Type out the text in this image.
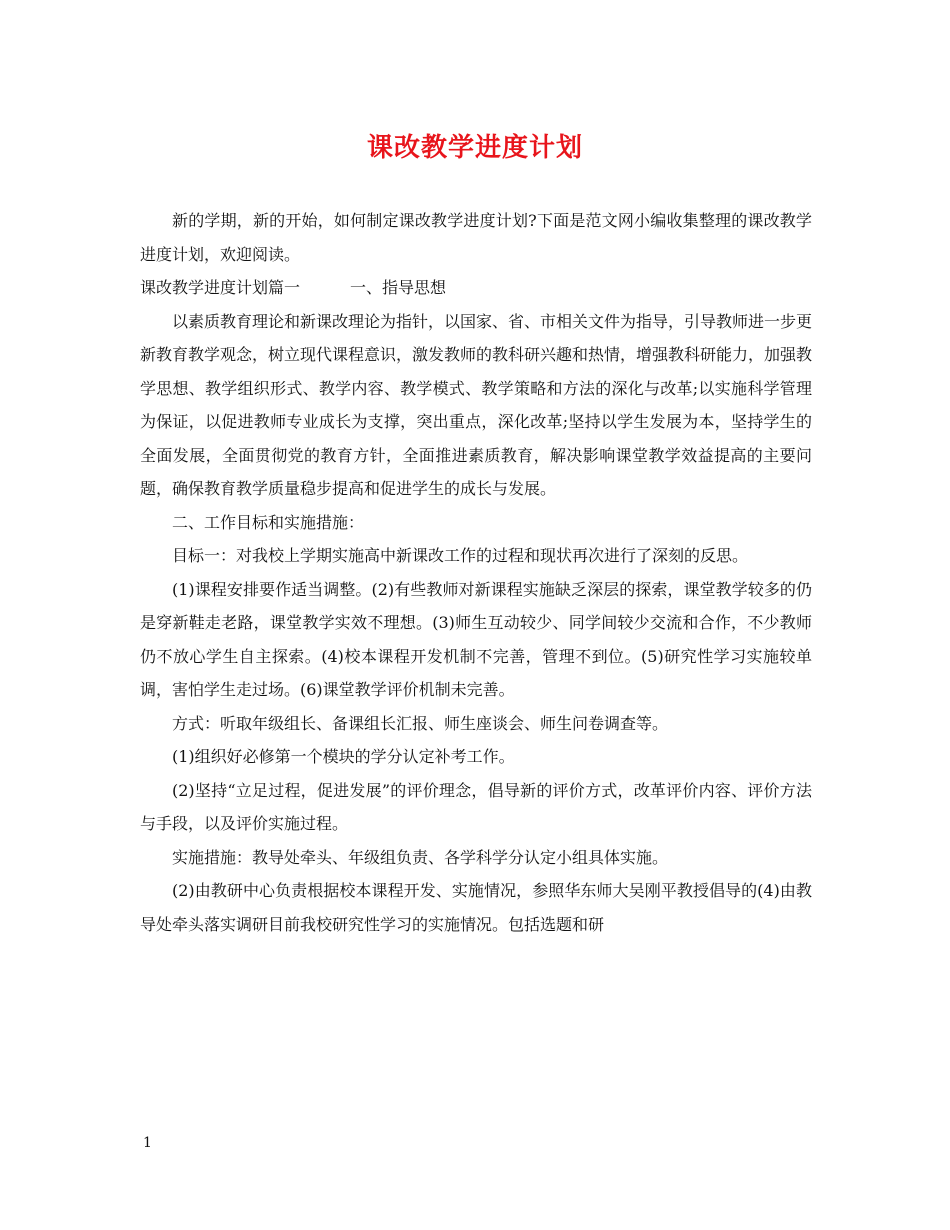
课改教学进度计划

新的学期，新的开始，如何制定课改教学进度计划?下面是范文网小编收集整理的课改教学进度计划，欢迎阅读。

课改教学进度计划篇一	一、指导思想

以素质教育理论和新课改理论为指针，以国家、省、市相关文件为指导，引导教师进一步更新教育教学观念，树立现代课程意识，激发教师的教科研兴趣和热情，增强教科研能力，加强教学思想、教学组织形式、教学内容、教学模式、教学策略和方法的深化与改革;以实施科学管理为保证，以促进教师专业成长为支撑，突出重点，深化改革;坚持以学生发展为本，坚持学生的全面发展，全面贯彻党的教育方针，全面推进素质教育，解决影响课堂教学效益提高的主要问题，确保教育教学质量稳步提高和促进学生的成长与发展。

二、工作目标和实施措施：

目标一：对我校上学期实施高中新课改工作的过程和现状再次进行了深刻的反思。

(1)课程安排要作适当调整。(2)有些教师对新课程实施缺乏深层的探索，课堂教学较多的仍是穿新鞋走老路，课堂教学实效不理想。(3)师生互动较少、同学间较少交流和合作，不少教师仍不放心学生自主探索。(4)校本课程开发机制不完善，管理不到位。(5)研究性学习实施较单调，害怕学生走过场。(6)课堂教学评价机制未完善。

方式：听取年级组长、备课组长汇报、师生座谈会、师生问卷调查等。

(1)组织好必修第一个模块的学分认定补考工作。

(2)坚持“立足过程，促进发展”的评价理念，倡导新的评价方式，改革评价内容、评价方法与手段，以及评价实施过程。

实施措施：教导处牵头、年级组负责、各学科学分认定小组具体实施。

(2)由教研中心负责根据校本课程开发、实施情况，参照华东师大吴刚平教授倡导的(4)由教导处牵头落实调研目前我校研究性学习的实施情况。包括选题和研

1
